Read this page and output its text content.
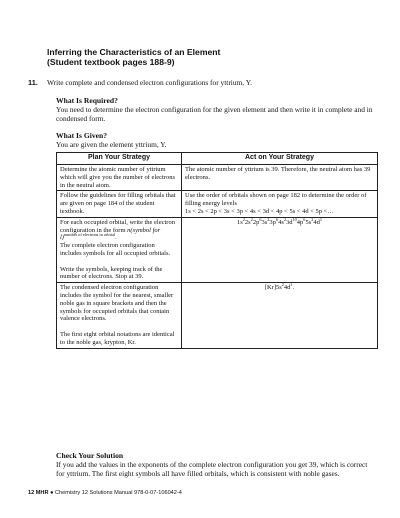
Inferring the Characteristics of an Element
(Student textbook pages 188-9)
11. Write complete and condensed electron configurations for yttrium, Y.
What Is Required?

You need to determine the electron configuration for the given element and then write it in complete and in condensed form.

What Is Given?

You are given the element yttrium, Y.

Plan Your Strategy	Act on Your Strategy
Determine the atomic number of yttrium which will give you the number of electrons in the neutral atom.	The atomic number of yttrium is 39. Therefore, the neutral atom has 39 electrons.
Follow the guidelines for filling orbitals that are given on page 184 of the student textbook.	Use the order of orbitals shown on page 182 to determine the order of filling energy levels
1s < 2s < 2p < 3s < 3p < 4s < 3d < 4p < 5s < 4d < 5p <…
For each occupied orbital, write the electron configuration in the form n(symbol for l)$^{number of electrons in orbital}$.
The complete electron configuration includes symbols for all occupied orbitals.

Write the symbols, keeping track of the number of electrons. Stop at 39.	$1s^22s^22p^63s^23p^64s^23d^{10}4p^65s^24d^1$
The condensed electron configuration includes the symbol for the nearest, smaller noble gas in square brackets and then the symbols for occupied orbitals that contain valence electrons.

The first eight orbital notations are identical to the noble gas, krypton, Kr.	$[Kr]5s^24d^1$.
Check Your Solution

If you add the values in the exponents of the complete electron configuration you get 39, which is correct for yttrium. The first eight symbols all have filled orbitals, which is consistent with noble gases.

12 MHR ● Chemistry 12 Solutions Manual 978-0-07-106042-4
